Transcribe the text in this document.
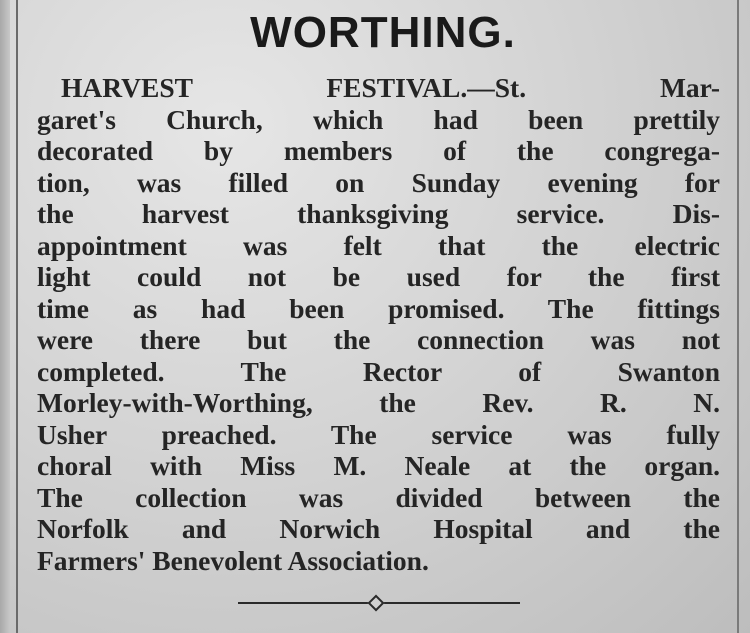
WORTHING.
HARVEST FESTIVAL.—St. Mar-
garet's Church, which had been prettily
decorated by members of the congrega-
tion, was filled on Sunday evening for
the harvest thanksgiving service. Dis-
appointment was felt that the electric
light could not be used for the first
time as had been promised. The fittings
were there but the connection was not
completed. The Rector of Swanton
Morley-with-Worthing, the Rev. R. N.
Usher preached. The service was fully
choral with Miss M. Neale at the organ.
The collection was divided between the
Norfolk and Norwich Hospital and the
Farmers' Benevolent Association.
